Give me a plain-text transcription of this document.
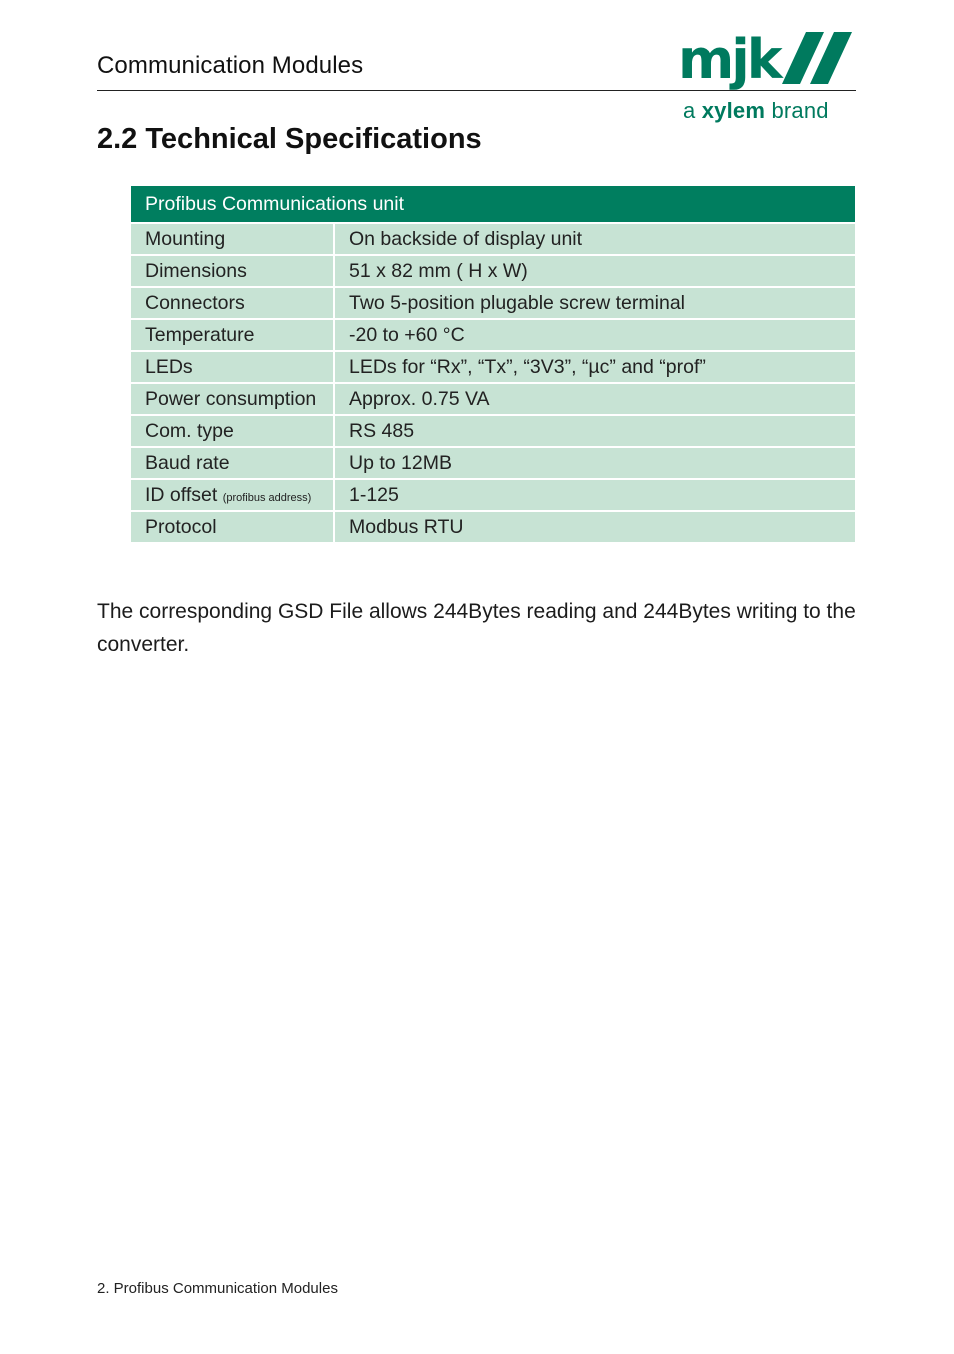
Communication Modules	mjk
a xylem brand
2.2 Technical Specifications
Profibus Communications unit	
Mounting	On backside of display unit
Dimensions	51 x 82 mm ( H x W)
Connectors	Two 5-position plugable screw terminal
Temperature	-20 to +60 °C
LEDs	LEDs for “Rx”, “Tx”, “3V3”, “µc” and “prof”
Power consumption	Approx. 0.75 VA
Com. type	RS 485
Baud rate	Up to 12MB
ID offset (profibus address)	1-125
Protocol	Modbus RTU
The corresponding GSD File allows 244Bytes reading and 244Bytes writing to the converter.
2. Profibus Communication Modules
